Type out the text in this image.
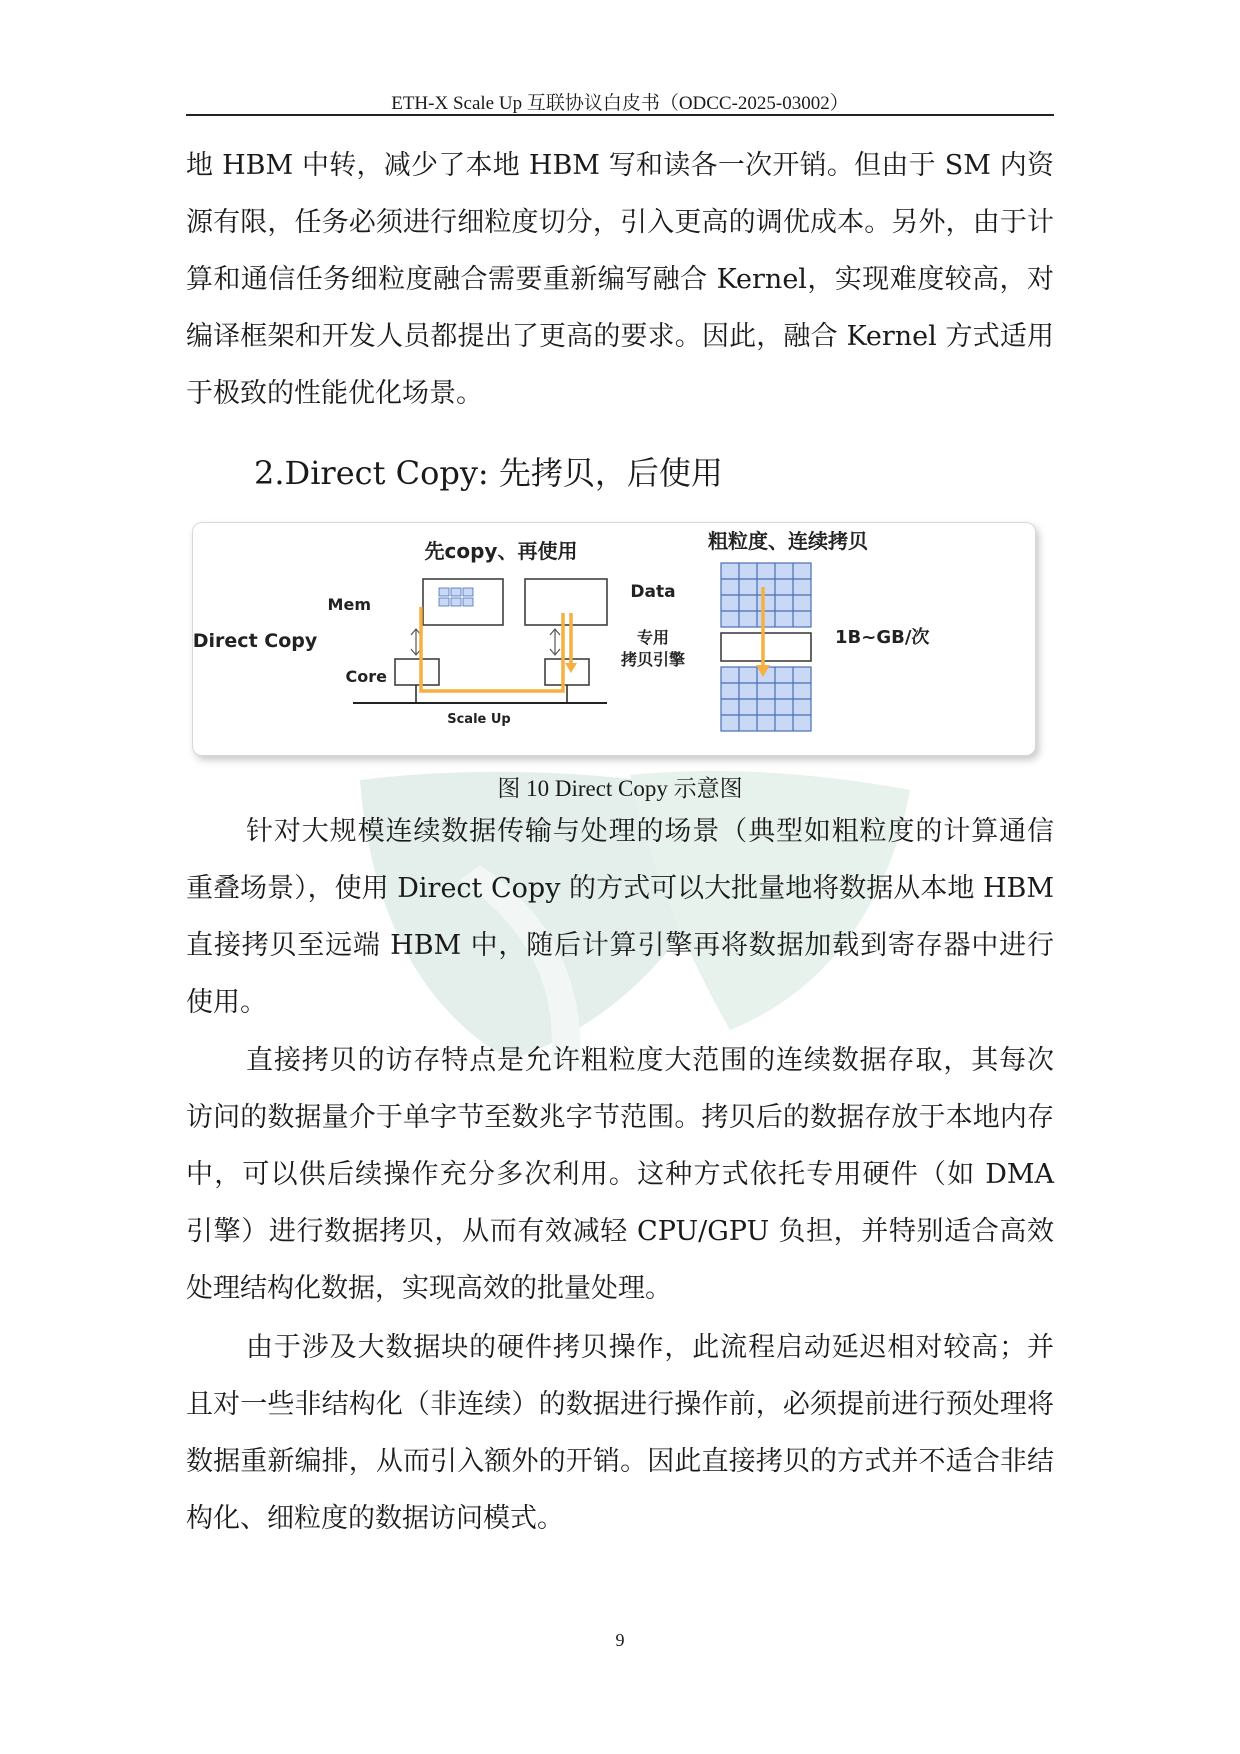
ETH-X Scale Up 互联协议白皮书（ODCC-2025-03002）

地 HBM 中转，减少了本地 HBM 写和读各一次开销。但由于 SM 内资源有限，任务必须进行细粒度切分，引入更高的调优成本。另外，由于计算和通信任务细粒度融合需要重新编写融合 Kernel，实现难度较高，对编译框架和开发人员都提出了更高的要求。因此，融合 Kernel 方式适用于极致的性能优化场景。

2.Direct Copy: 先拷贝，后使用
先copy、再使用
Direct Copy
Mem
Core
Scale Up
粗粒度、连续拷贝
Data
专用
拷贝引擎
1B~GB/次
图 10 Direct Copy 示意图

针对大规模连续数据传输与处理的场景（典型如粗粒度的计算通信重叠场景），使用 Direct Copy 的方式可以大批量地将数据从本地 HBM 直接拷贝至远端 HBM 中，随后计算引擎再将数据加载到寄存器中进行使用。

直接拷贝的访存特点是允许粗粒度大范围的连续数据存取，其每次访问的数据量介于单字节至数兆字节范围。拷贝后的数据存放于本地内存中，可以供后续操作充分多次利用。这种方式依托专用硬件（如 DMA 引擎）进行数据拷贝，从而有效减轻 CPU/GPU 负担，并特别适合高效处理结构化数据，实现高效的批量处理。

由于涉及大数据块的硬件拷贝操作，此流程启动延迟相对较高；并且对一些非结构化（非连续）的数据进行操作前，必须提前进行预处理将数据重新编排，从而引入额外的开销。因此直接拷贝的方式并不适合非结构化、细粒度的数据访问模式。

9
